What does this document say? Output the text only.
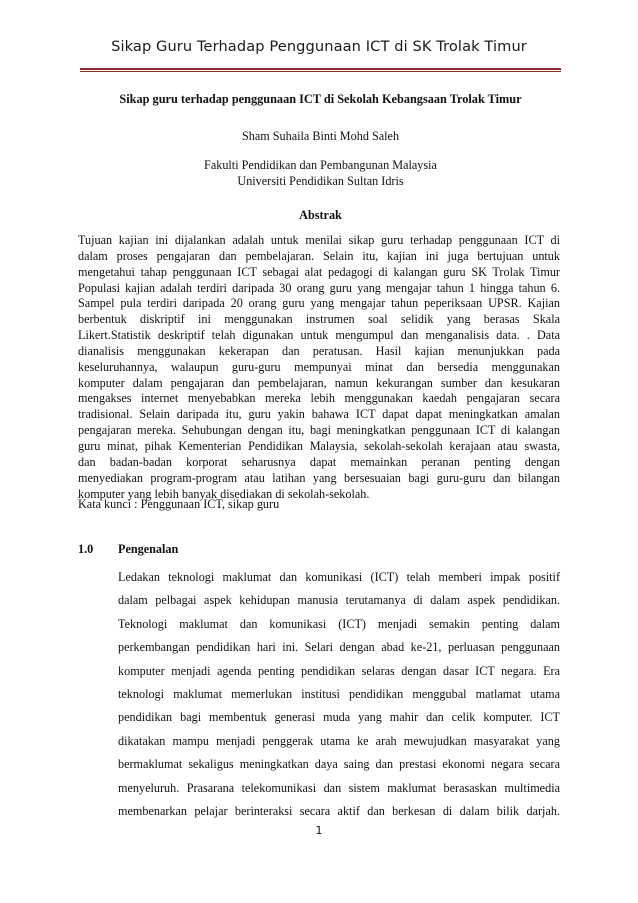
Sikap Guru Terhadap Penggunaan ICT di SK Trolak Timur
Sikap guru terhadap penggunaan ICT di Sekolah Kebangsaan Trolak Timur
Sham Suhaila Binti Mohd Saleh
Fakulti Pendidikan dan Pembangunan Malaysia
Universiti Pendidikan Sultan Idris
Abstrak
Tujuan kajian ini dijalankan adalah untuk menilai sikap guru terhadap penggunaan ICT di
dalam proses pengajaran dan pembelajaran. Selain itu, kajian ini juga bertujuan untuk
mengetahui tahap penggunaan ICT sebagai alat pedagogi di kalangan guru SK Trolak Timur
Populasi kajian adalah terdiri daripada 30 orang guru yang mengajar tahun 1 hingga tahun 6.
Sampel pula terdiri daripada 20 orang guru yang mengajar tahun peperiksaan UPSR. Kajian
berbentuk diskriptif ini menggunakan instrumen soal selidik yang berasas Skala
Likert.Statistik deskriptif telah digunakan untuk mengumpul dan menganalisis data. . Data
dianalisis menggunakan kekerapan dan peratusan. Hasil kajian menunjukkan pada
keseluruhannya, walaupun guru-guru mempunyai minat dan bersedia menggunakan
komputer dalam pengajaran dan pembelajaran, namun kekurangan sumber dan kesukaran
mengakses internet menyebabkan mereka lebih menggunakan kaedah pengajaran secara
tradisional. Selain daripada itu, guru yakin bahawa ICT dapat dapat meningkatkan amalan
pengajaran mereka. Sehubungan dengan itu, bagi meningkatkan penggunaan ICT di kalangan
guru minat, pihak Kementerian Pendidikan Malaysia, sekolah-sekolah kerajaan atau swasta,
dan badan-badan korporat seharusnya dapat memainkan peranan penting dengan
menyediakan program-program atau latihan yang bersesuaian bagi guru-guru dan bilangan
komputer yang lebih banyak disediakan di sekolah-sekolah.
Kata kunci : Penggunaan ICT, sikap guru
1.0 Pengenalan
Ledakan teknologi maklumat dan komunikasi (ICT) telah memberi impak positif
dalam pelbagai aspek kehidupan manusia terutamanya di dalam aspek pendidikan.
Teknologi maklumat dan komunikasi (ICT) menjadi semakin penting dalam
perkembangan pendidikan hari ini. Selari dengan abad ke-21, perluasan penggunaan
komputer menjadi agenda penting pendidikan selaras dengan dasar ICT negara. Era
teknologi maklumat memerlukan institusi pendidikan menggubal matlamat utama
pendidikan bagi membentuk generasi muda yang mahir dan celik komputer. ICT
dikatakan mampu menjadi penggerak utama ke arah mewujudkan masyarakat yang
bermaklumat sekaligus meningkatkan daya saing dan prestasi ekonomi negara secara
menyeluruh. Prasarana telekomunikasi dan sistem maklumat berasaskan multimedia
membenarkan pelajar berinteraksi secara aktif dan berkesan di dalam bilik darjah.
1
